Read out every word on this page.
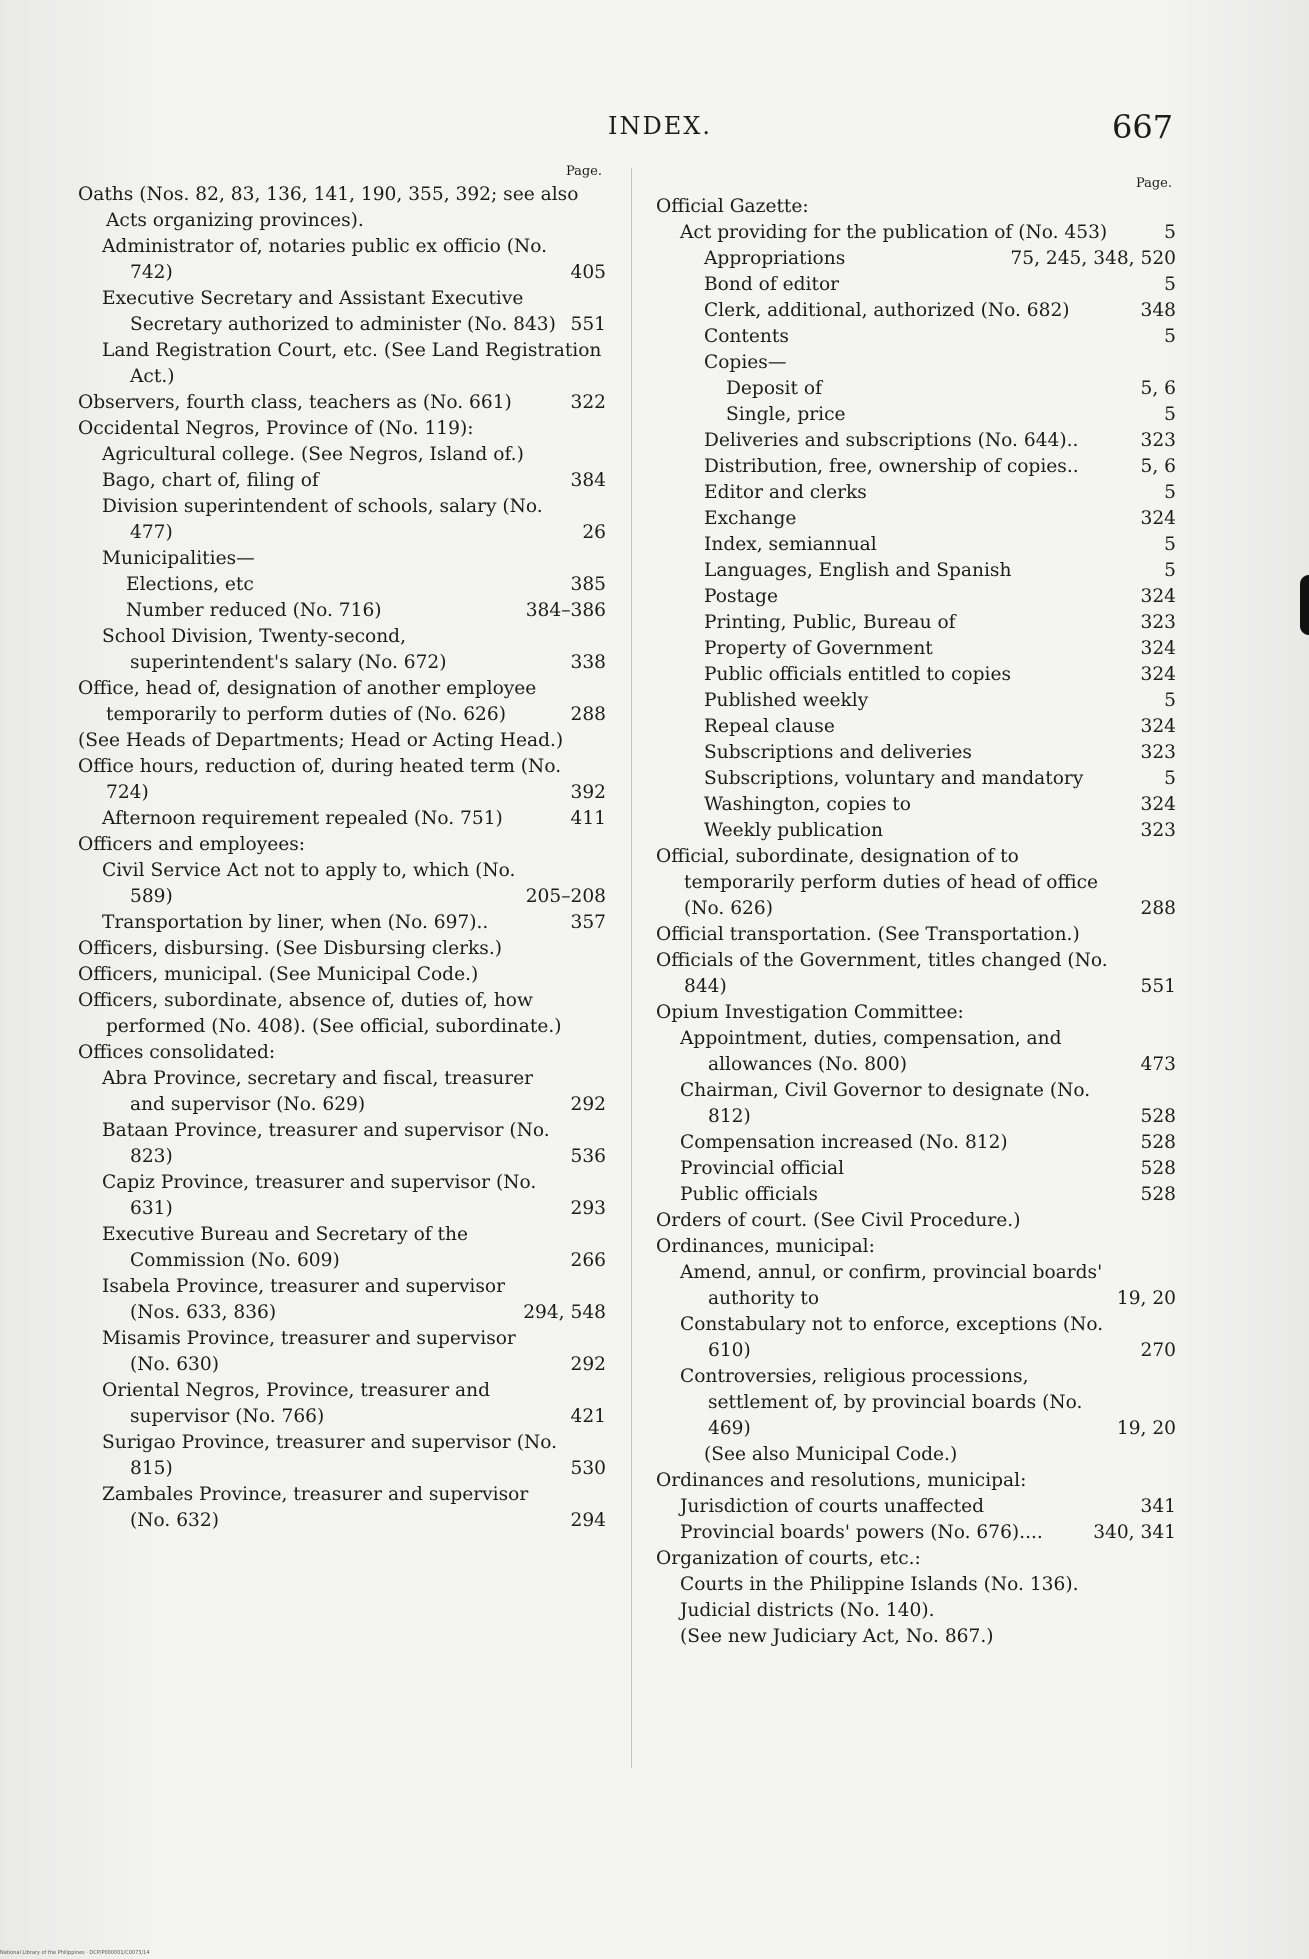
INDEX.	667
Page.
Oaths (Nos. 82, 83, 136, 141, 190, 355, 392; see also Acts organizing provinces).
Administrator of, notaries public ex officio (No. 742)	405
Executive Secretary and Assistant Executive Secretary authorized to administer (No. 843) 551
Land Registration Court, etc. (See Land Registration Act.)
Observers, fourth class, teachers as (No. 661)	322
Occidental Negros, Province of (No. 119):
Agricultural college. (See Negros, Island of.)
Bago, chart of, filing of	384
Division superintendent of schools, salary (No. 477)	26
Municipalities—
Elections, etc	385
Number reduced (No. 716)	384–386
School Division, Twenty-second, superintendent's salary (No. 672)	338
Office, head of, designation of another employee temporarily to perform duties of (No. 626)	288
(See Heads of Departments; Head or Acting Head.)
Office hours, reduction of, during heated term (No. 724)	392
Afternoon requirement repealed (No. 751)	411
Officers and employees:
Civil Service Act not to apply to, which (No. 589)	205–208
Transportation by liner, when (No. 697)..	357
Officers, disbursing. (See Disbursing clerks.)
Officers, municipal. (See Municipal Code.)
Officers, subordinate, absence of, duties of, how performed (No. 408). (See official, subordinate.)
Offices consolidated:
Abra Province, secretary and fiscal, treasurer and supervisor (No. 629)	292
Bataan Province, treasurer and supervisor (No. 823)	536
Capiz Province, treasurer and supervisor (No. 631)	293
Executive Bureau and Secretary of the Commission (No. 609)	266
Isabela Province, treasurer and supervisor (Nos. 633, 836)	294, 548
Misamis Province, treasurer and supervisor (No. 630)	292
Oriental Negros, Province, treasurer and supervisor (No. 766)	421
Surigao Province, treasurer and supervisor (No. 815)	530
Zambales Province, treasurer and supervisor (No. 632)	294
Page.
Official Gazette:
Act providing for the publication of (No. 453)	5
Appropriations	75, 245, 348, 520
Bond of editor	5
Clerk, additional, authorized (No. 682)	348
Contents	5
Copies—
Deposit of	5, 6
Single, price	5
Deliveries and subscriptions (No. 644)..	323
Distribution, free, ownership of copies..	5, 6
Editor and clerks	5
Exchange	324
Index, semiannual	5
Languages, English and Spanish	5
Postage	324
Printing, Public, Bureau of	323
Property of Government	324
Public officials entitled to copies	324
Published weekly	5
Repeal clause	324
Subscriptions and deliveries	323
Subscriptions, voluntary and mandatory	5
Washington, copies to	324
Weekly publication	323
Official, subordinate, designation of to temporarily perform duties of head of office (No. 626)	288
Official transportation. (See Transportation.)
Officials of the Government, titles changed (No. 844)	551
Opium Investigation Committee:
Appointment, duties, compensation, and allowances (No. 800)	473
Chairman, Civil Governor to designate (No. 812)	528
Compensation increased (No. 812)	528
Provincial official	528
Public officials	528
Orders of court. (See Civil Procedure.)
Ordinances, municipal:
Amend, annul, or confirm, provincial boards' authority to	19, 20
Constabulary not to enforce, exceptions (No. 610)	270
Controversies, religious processions, settlement of, by provincial boards (No. 469)	19, 20
(See also Municipal Code.)
Ordinances and resolutions, municipal:
Jurisdiction of courts unaffected	341
Provincial boards' powers (No. 676)....	340, 341
Organization of courts, etc.:
Courts in the Philippine Islands (No. 136).
Judicial districts (No. 140).
(See new Judiciary Act, No. 867.)
National Library of the Philippines · DCP/P000001/C0073/14
